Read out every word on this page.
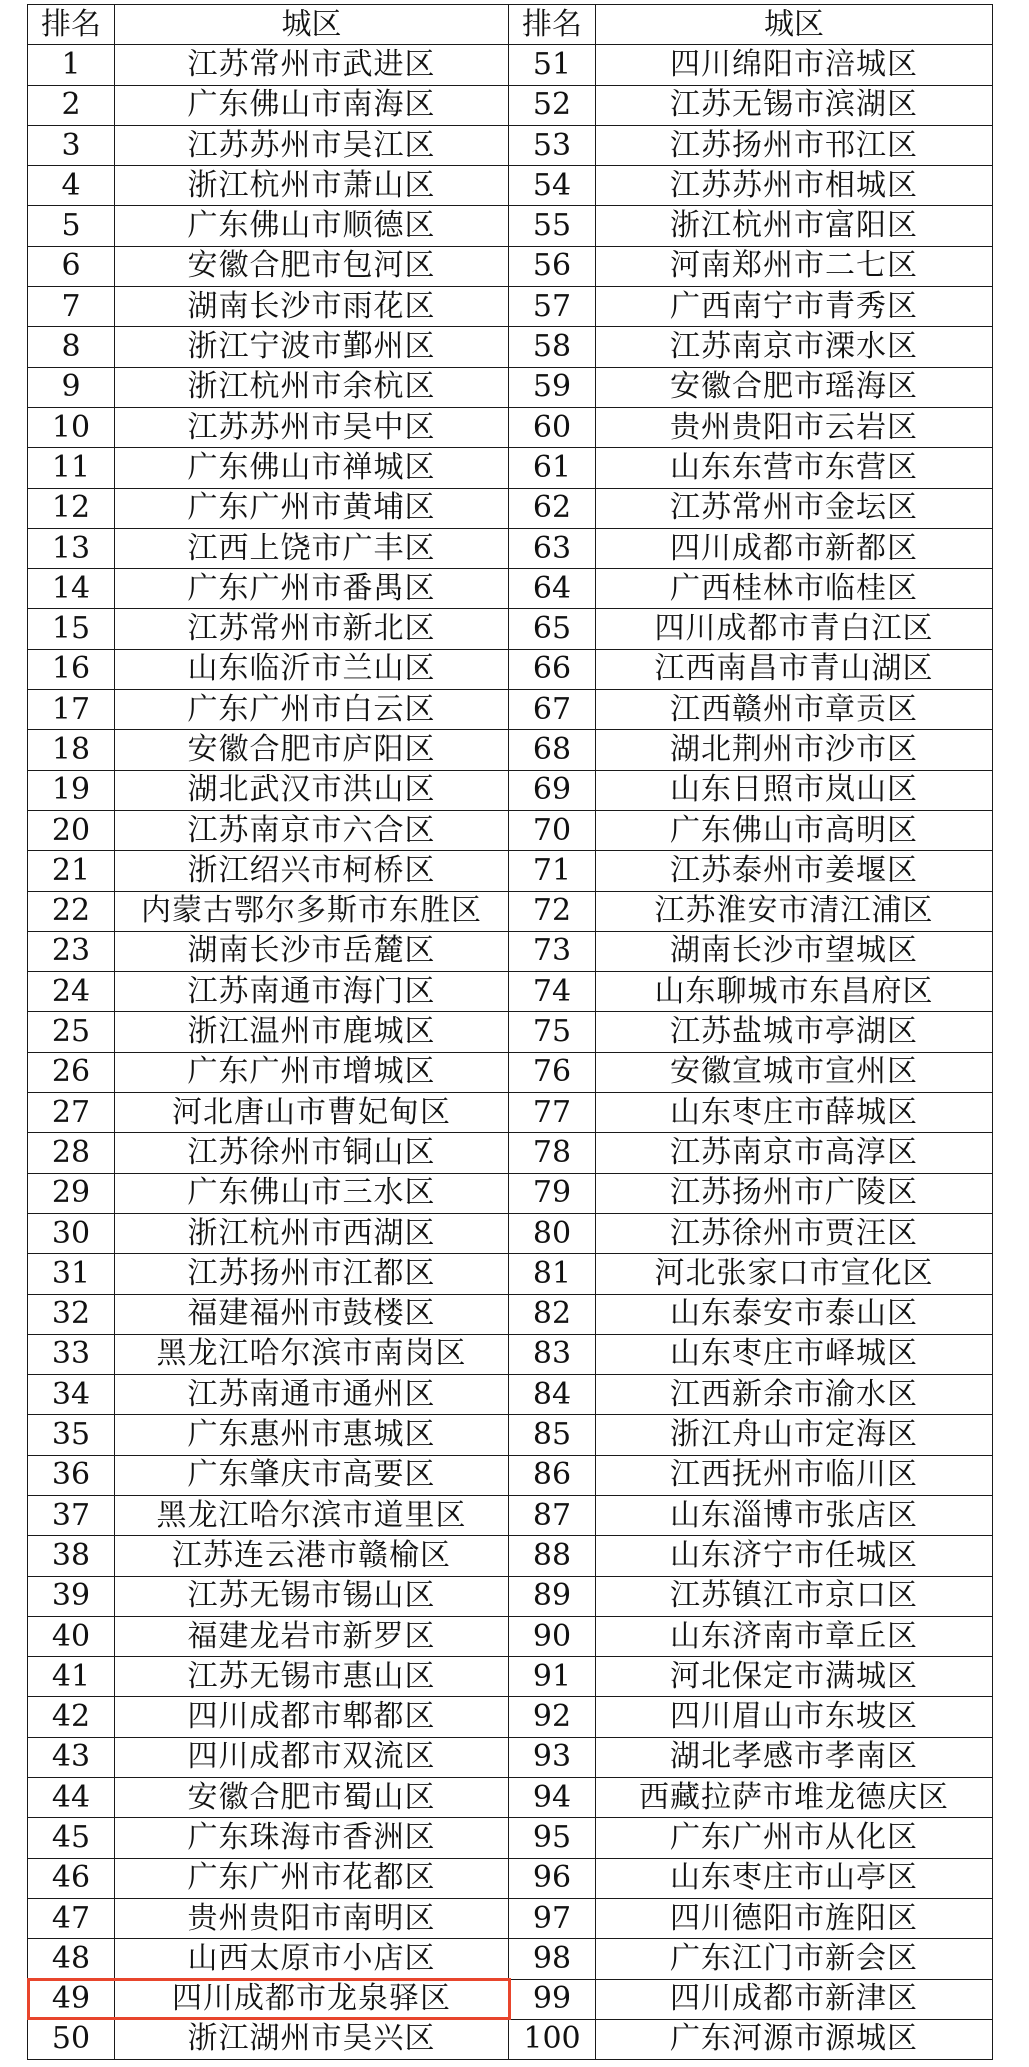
排名	城区	排名	城区
1	江苏常州市武进区	51	四川绵阳市涪城区
2	广东佛山市南海区	52	江苏无锡市滨湖区
3	江苏苏州市吴江区	53	江苏扬州市邗江区
4	浙江杭州市萧山区	54	江苏苏州市相城区
5	广东佛山市顺德区	55	浙江杭州市富阳区
6	安徽合肥市包河区	56	河南郑州市二七区
7	湖南长沙市雨花区	57	广西南宁市青秀区
8	浙江宁波市鄞州区	58	江苏南京市溧水区
9	浙江杭州市余杭区	59	安徽合肥市瑶海区
10	江苏苏州市吴中区	60	贵州贵阳市云岩区
11	广东佛山市禅城区	61	山东东营市东营区
12	广东广州市黄埔区	62	江苏常州市金坛区
13	江西上饶市广丰区	63	四川成都市新都区
14	广东广州市番禺区	64	广西桂林市临桂区
15	江苏常州市新北区	65	四川成都市青白江区
16	山东临沂市兰山区	66	江西南昌市青山湖区
17	广东广州市白云区	67	江西赣州市章贡区
18	安徽合肥市庐阳区	68	湖北荆州市沙市区
19	湖北武汉市洪山区	69	山东日照市岚山区
20	江苏南京市六合区	70	广东佛山市高明区
21	浙江绍兴市柯桥区	71	江苏泰州市姜堰区
22	内蒙古鄂尔多斯市东胜区	72	江苏淮安市清江浦区
23	湖南长沙市岳麓区	73	湖南长沙市望城区
24	江苏南通市海门区	74	山东聊城市东昌府区
25	浙江温州市鹿城区	75	江苏盐城市亭湖区
26	广东广州市增城区	76	安徽宣城市宣州区
27	河北唐山市曹妃甸区	77	山东枣庄市薛城区
28	江苏徐州市铜山区	78	江苏南京市高淳区
29	广东佛山市三水区	79	江苏扬州市广陵区
30	浙江杭州市西湖区	80	江苏徐州市贾汪区
31	江苏扬州市江都区	81	河北张家口市宣化区
32	福建福州市鼓楼区	82	山东泰安市泰山区
33	黑龙江哈尔滨市南岗区	83	山东枣庄市峄城区
34	江苏南通市通州区	84	江西新余市渝水区
35	广东惠州市惠城区	85	浙江舟山市定海区
36	广东肇庆市高要区	86	江西抚州市临川区
37	黑龙江哈尔滨市道里区	87	山东淄博市张店区
38	江苏连云港市赣榆区	88	山东济宁市任城区
39	江苏无锡市锡山区	89	江苏镇江市京口区
40	福建龙岩市新罗区	90	山东济南市章丘区
41	江苏无锡市惠山区	91	河北保定市满城区
42	四川成都市郫都区	92	四川眉山市东坡区
43	四川成都市双流区	93	湖北孝感市孝南区
44	安徽合肥市蜀山区	94	西藏拉萨市堆龙德庆区
45	广东珠海市香洲区	95	广东广州市从化区
46	广东广州市花都区	96	山东枣庄市山亭区
47	贵州贵阳市南明区	97	四川德阳市旌阳区
48	山西太原市小店区	98	广东江门市新会区
49	四川成都市龙泉驿区	99	四川成都市新津区
50	浙江湖州市吴兴区	100	广东河源市源城区
